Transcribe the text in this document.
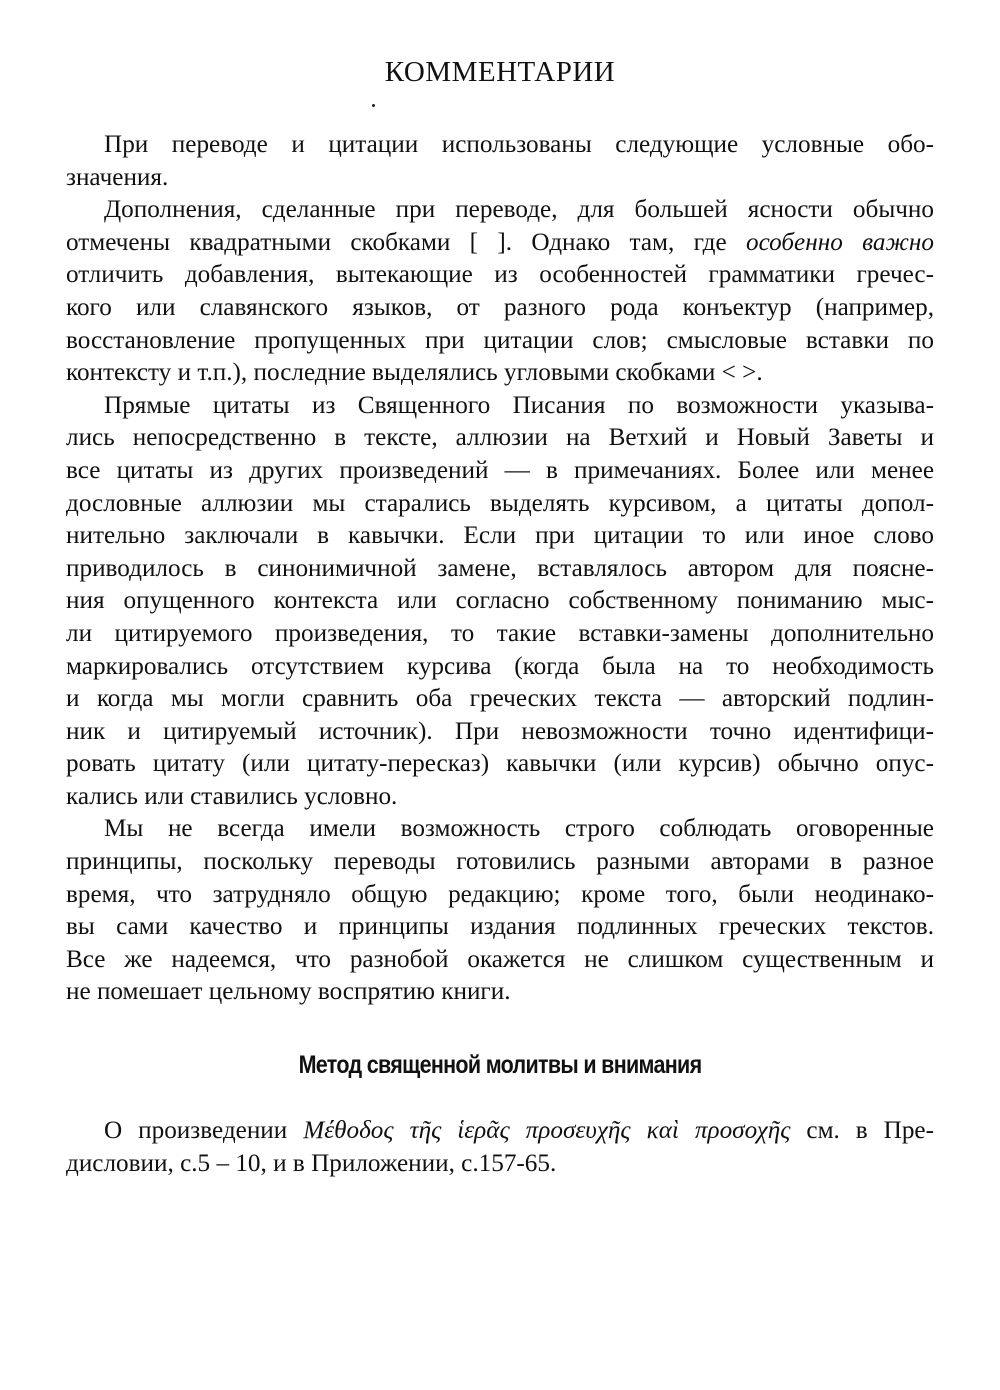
КОММЕНТАРИИ

При переводе и цитации использованы следующие условные обо-
значения.

Дополнения, сделанные при переводе, для большей ясности обычно
отмечены квадратными скобками [ ]. Однако там, где особенно важно
отличить добавления, вытекающие из особенностей грамматики гречес-
кого или славянского языков, от разного рода конъектур (например,
восстановление пропущенных при цитации слов; смысловые вставки по
контексту и т.п.), последние выделялись угловыми скобками < >.

Прямые цитаты из Священного Писания по возможности указыва-
лись непосредственно в тексте, аллюзии на Ветхий и Новый Заветы и
все цитаты из других произведений — в примечаниях. Более или менее
дословные аллюзии мы старались выделять курсивом, а цитаты допол-
нительно заключали в кавычки. Если при цитации то или иное слово
приводилось в синонимичной замене, вставлялось автором для поясне-
ния опущенного контекста или согласно собственному пониманию мыс-
ли цитируемого произведения, то такие вставки-замены дополнительно
маркировались отсутствием курсива (когда была на то необходимость
и когда мы могли сравнить оба греческих текста — авторский подлин-
ник и цитируемый источник). При невозможности точно идентифици-
ровать цитату (или цитату-пересказ) кавычки (или курсив) обычно опус-
кались или ставились условно.

Мы не всегда имели возможность строго соблюдать оговоренные
принципы, поскольку переводы готовились разными авторами в разное
время, что затрудняло общую редакцию; кроме того, были неодинако-
вы сами качество и принципы издания подлинных греческих текстов.
Все же надеемся, что разнобой окажется не слишком существенным и
не помешает цельному воспрятию книги.

Метод священной молитвы и внимания
О произведении Μέθοδος τῆς ἱερᾶς προσευχῆς καὶ προσοχῆς см. в Пре-
дисловии, с.5 – 10, и в Приложении, с.157-65.
